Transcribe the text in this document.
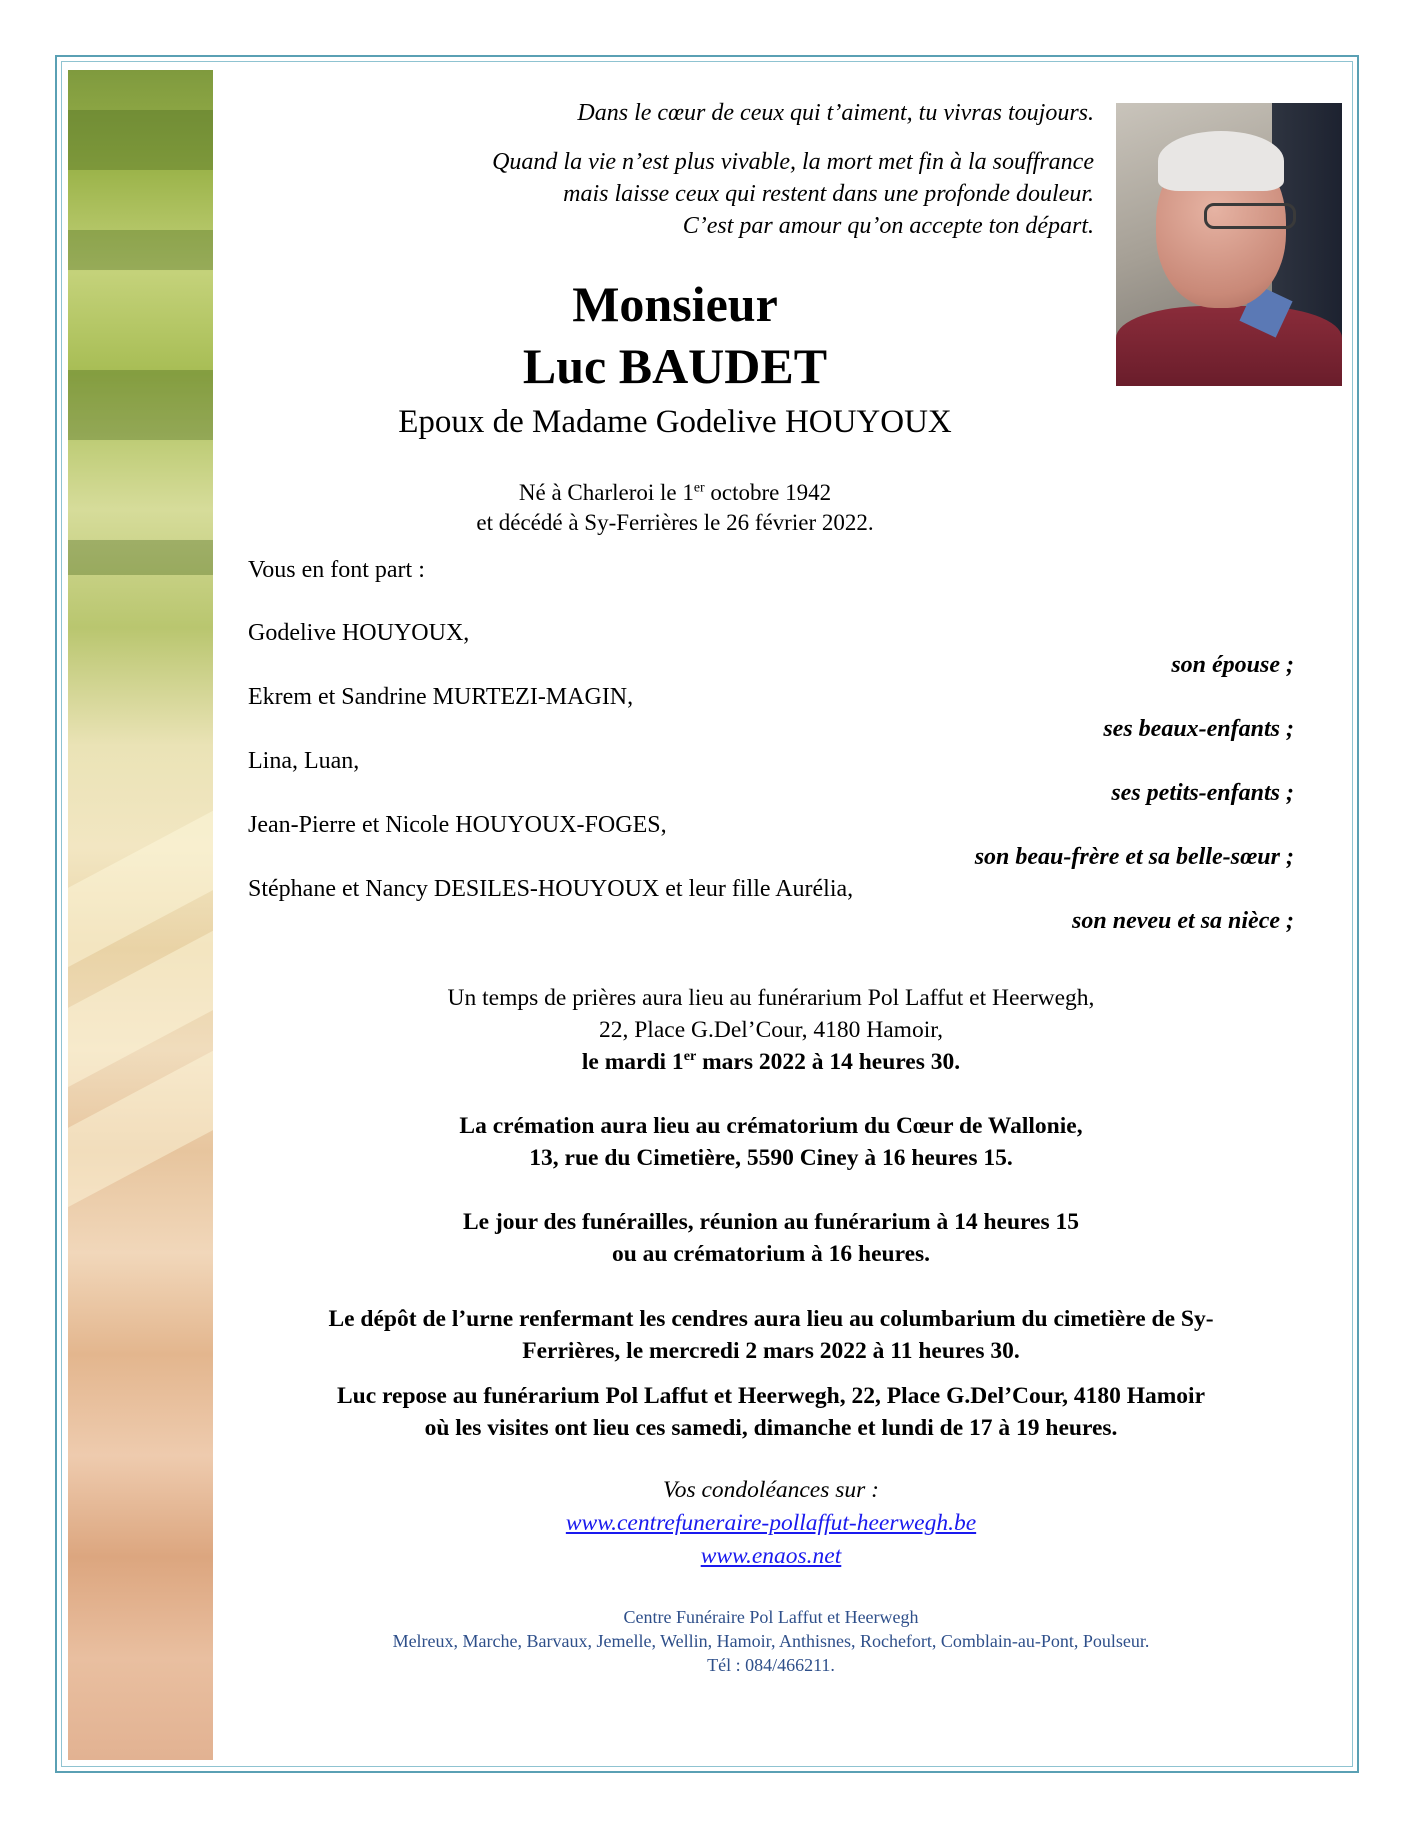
Dans le cœur de ceux qui t’aiment, tu vivras toujours.
Quand la vie n’est plus vivable, la mort met fin à la souffrance
mais laisse ceux qui restent dans une profonde douleur.
C’est par amour qu’on accepte ton départ.
Monsieur
Luc BAUDET
Epoux de Madame Godelive HOUYOUX
Né à Charleroi le 1er octobre 1942
et décédé à Sy-Ferrières le 26 février 2022.
Vous en font part :
Godelive HOUYOUX,
son épouse ;
Ekrem et Sandrine MURTEZI-MAGIN,
ses beaux-enfants ;
Lina, Luan,
ses petits-enfants ;
Jean-Pierre et Nicole HOUYOUX-FOGES,
son beau-frère et sa belle-sœur ;
Stéphane et Nancy DESILES-HOUYOUX et leur fille Aurélia,
son neveu et sa nièce ;
Un temps de prières aura lieu au funérarium Pol Laffut et Heerwegh,
22, Place G.Del’Cour, 4180 Hamoir,
le mardi 1er mars 2022 à 14 heures 30.
La crémation aura lieu au crématorium du Cœur de Wallonie,
13, rue du Cimetière, 5590 Ciney à 16 heures 15.
Le jour des funérailles, réunion au funérarium à 14 heures 15
ou au crématorium à 16 heures.
Le dépôt de l’urne renfermant les cendres aura lieu au columbarium du cimetière de Sy-
Ferrières, le mercredi 2 mars 2022 à 11 heures 30.
Luc repose au funérarium Pol Laffut et Heerwegh, 22, Place G.Del’Cour, 4180 Hamoir
où les visites ont lieu ces samedi, dimanche et lundi de 17 à 19 heures.
Vos condoléances sur :
www.centrefuneraire-pollaffut-heerwegh.be
www.enaos.net
Centre Funéraire Pol Laffut et Heerwegh
Melreux, Marche, Barvaux, Jemelle, Wellin, Hamoir, Anthisnes, Rochefort, Comblain-au-Pont, Poulseur.
Tél : 084/466211.
